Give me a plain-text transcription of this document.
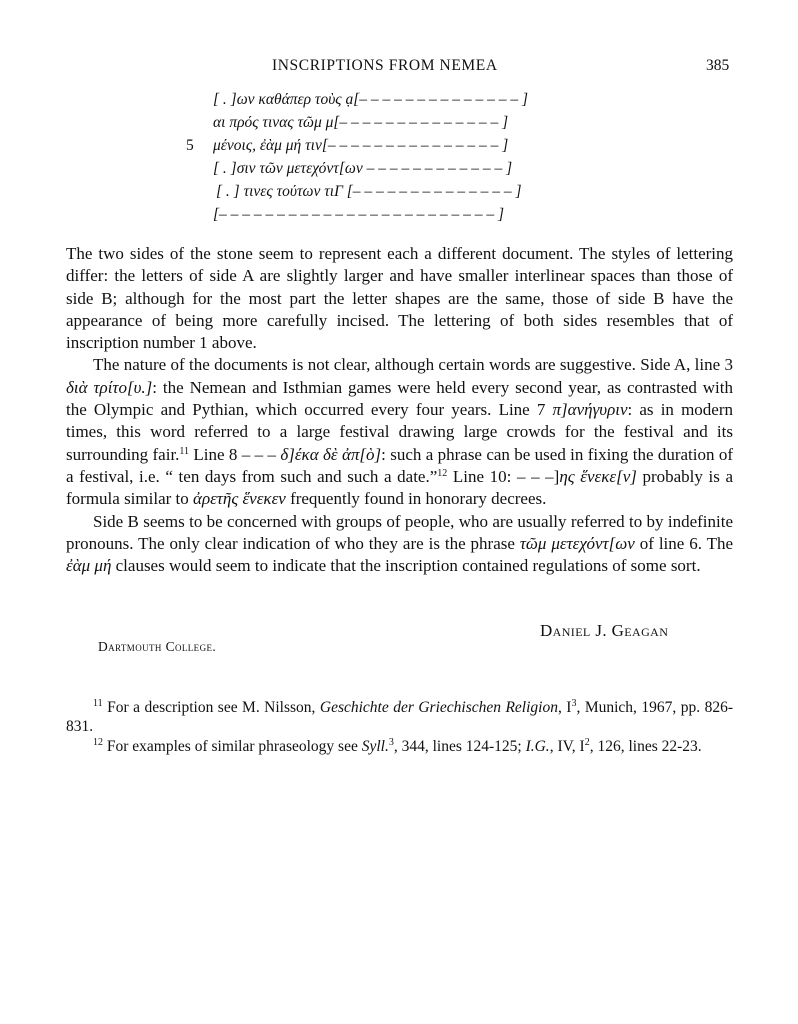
INSCRIPTIONS FROM NEMEA	385
[ . ]ων καθάπερ τοὺς ạ[– – – – – – – – – – – – – – ]
αι πρός τινας τῶμ μ[– – – – – – – – – – – – – – ]
5 μένοις, ἐὰμ μή τιν[– – – – – – – – – – – – – – – ]
[ . ]σιν τῶν μετεχόντ[ων – – – – – – – – – – – – ]
[ . ] τινες τούτων τιΓ [– – – – – – – – – – – – – – ]
[– – – – – – – – – – – – – – – – – – – – – – – – ]

The two sides of the stone seem to represent each a different document. The styles of lettering differ: the letters of side A are slightly larger and have smaller interlinear spaces than those of side B; although for the most part the letter shapes are the same, those of side B have the appearance of being more carefully incised. The lettering of both sides resembles that of inscription number 1 above.

The nature of the documents is not clear, although certain words are suggestive. Side A, line 3 διὰ τρίτο[υ.]: the Nemean and Isthmian games were held every second year, as contrasted with the Olympic and Pythian, which occurred every four years. Line 7 π]ανήγυριν: as in modern times, this word referred to a large festival drawing large crowds for the festival and its surrounding fair.$^{11}$ Line 8 – – – δ]έκα δὲ ἀπ[ὸ]: such a phrase can be used in fixing the duration of a festival, i.e. “ ten days from such and such a date.”$^{12}$ Line 10: – – –]ης ἕνεκε[ν] probably is a formula similar to ἀρετῆς ἕνεκεν frequently found in honorary decrees.

Side B seems to be concerned with groups of people, who are usually referred to by indefinite pronouns. The only clear indication of who they are is the phrase τῶμ μετεχόντ[ων of line 6. The ἐὰμ μή clauses would seem to indicate that the inscription contained regulations of some sort.

Daniel J. Geagan
Dartmouth College.

$^{11}$ For a description see M. Nilsson, Geschichte der Griechischen Religion, $I^3$, Munich, 1967, pp. 826-831.

$^{12}$ For examples of similar phraseology see Syll.$^3$, 344, lines 124-125; I.G., IV, $I^2$, 126, lines 22-23.
